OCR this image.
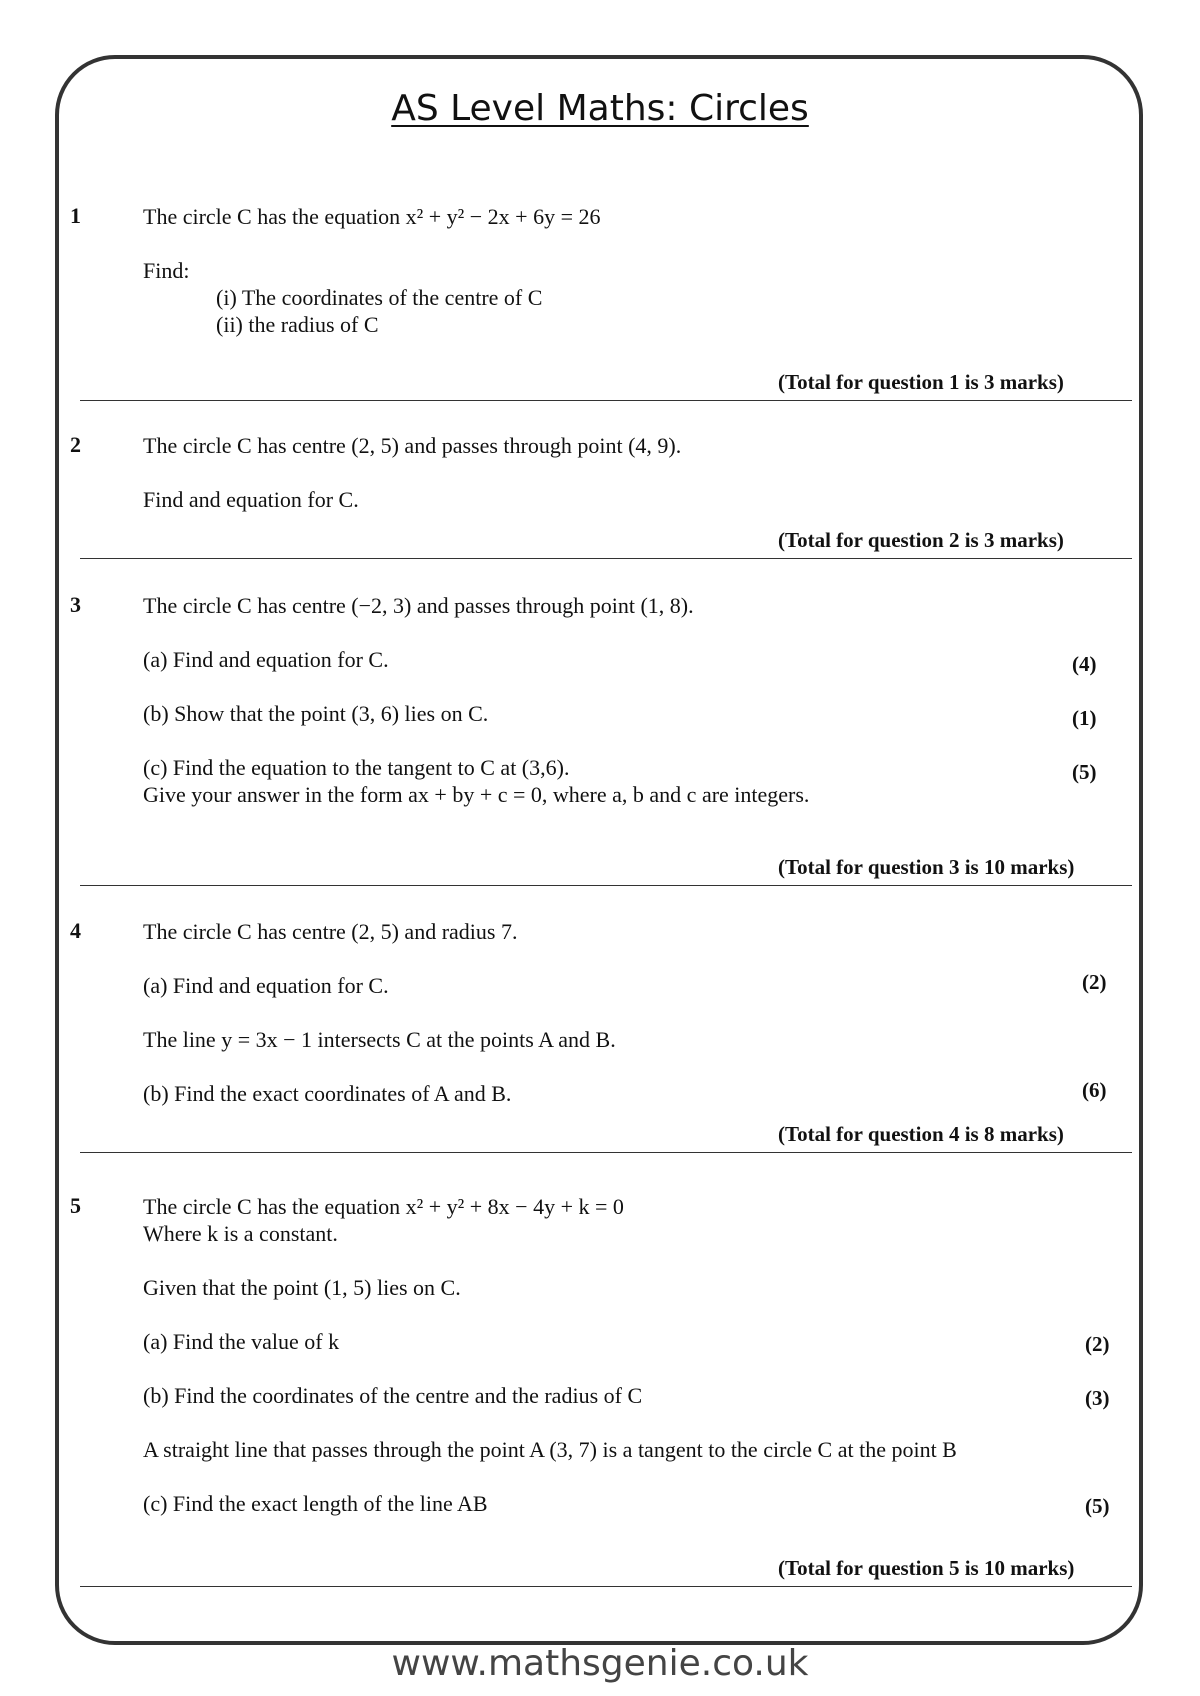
AS Level Maths: Circles
1	The circle C has the equation x² + y² − 2x + 6y = 26
Find:
(i) The coordinates of the centre of C
(ii) the radius of C
(Total for question 1 is 3 marks)
2	The circle C has centre (2, 5) and passes through point (4, 9).
Find and equation for C.
(Total for question 2 is 3 marks)
3	The circle C has centre (−2, 3) and passes through point (1, 8).
(a) Find and equation for C.	(4)
(b) Show that the point (3, 6) lies on C.	(1)
(c) Find the equation to the tangent to C at (3,6).
Give your answer in the form ax + by + c = 0, where a, b and c are integers.
(5)
(Total for question 3 is 10 marks)
4	The circle C has centre (2, 5) and radius 7.
(a) Find and equation for C.	(2)
The line y = 3x − 1 intersects C at the points A and B.
(b) Find the exact coordinates of A and B.	(6)
(Total for question 4 is 8 marks)
5	The circle C has the equation x² + y² + 8x − 4y + k = 0
Where k is a constant.
Given that the point (1, 5) lies on C.
(a) Find the value of k	(2)
(b) Find the coordinates of the centre and the radius of C	(3)
A straight line that passes through the point A (3, 7) is a tangent to the circle C at the point B
(c) Find the exact length of the line AB	(5)
(Total for question 5 is 10 marks)
www.mathsgenie.co.uk
